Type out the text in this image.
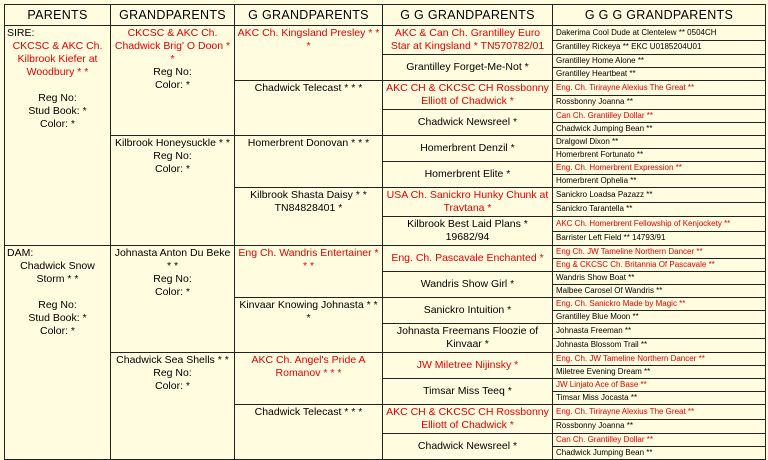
PARENTS	GRANDPARENTS	G GRANDPARENTS	G G GRANDPARENTS	G G G GRANDPARENTS

SIRE:
CKCSC & AKC Ch. Kilbrook Kiefer at Woodbury * *

Reg No:
Stud Book: *
Color: *	CKCSC & AKC Ch. Chadwick Brig' O Doon * *
Reg No:
Color: *	AKC Ch. Kingsland Presley * * *	AKC & Can Ch. Grantilley Euro Star at Kingsland * TN570782/01	Dakerima Cool Dude at Clentelew ** 0504CH
				Grantilley Rickeya ** EKC U0185204U01
			Grantilley Forget-Me-Not *	Grantilley Home Alone **
				Grantilley Heartbeat **
		Chadwick Telecast * * *	AKC CH & CKCSC CH Rossbonny Elliott of Chadwick *	Eng. Ch. Tirirayne Alexius The Great **
				Rossbonny Joanna **
			Chadwick Newsreel *	Can Ch. Grantilley Dollar **
				Chadwick Jumping Bean **

	Kilbrook Honeysuckle * *
Reg No:
Color: *	Homerbrent Donovan * * *	Homerbrent Denzil *	Dralgowl Dixon **
				Homerbrent Fortunato **
			Homerbrent Elite *	Eng. Ch. Homerbrent Expression **
				Homerbrent Ophelia **
		Kilbrook Shasta Daisy * * TN84828401 *	USA Ch. Sanickro Hunky Chunk at Travtana *	Sanickro Loadsa Pazazz **
				Sanickro Tarantella **
			Kilbrook Best Laid Plans * 19682/94	AKC Ch. Homerbrent Fellowship of Kenjockety **
				Barrister Left Field ** 14793/91

DAM:
Chadwick Snow Storm * *

Reg No:
Stud Book: *
Color: *	Johnasta Anton Du Beke * *
Reg No:
Color: *	Eng Ch. Wandris Entertainer * * *	Eng. Ch. Pascavale Enchanted *	Eng Ch. JW Tameline Northern Dancer **
				Eng & CKCSC Ch. Britannia Of Pascavale **
			Wandris Show Girl *	Wandris Show Boat **
				Malbee Carosel Of Wandris **
		Kinvaar Knowing Johnasta * * *	Sanickro Intuition *	Eng. Ch. Sanickro Made by Magic **
				Grantilley Blue Moon **
			Johnasta Freemans Floozie of Kinvaar *	Johnasta Freeman **
				Johnasta Blossom Trail **

	Chadwick Sea Shells * *
Reg No:
Color: *	AKC Ch. Angel's Pride A Romanov * * *	JW Miletree Nijinsky *	Eng. Ch. JW Tameline Northern Dancer **
				Miletree Evening Dream **
			Timsar Miss Teeq *	JW Linjato Ace of Base **
				Timsar Miss Jocasta **
		Chadwick Telecast * * *	AKC CH & CKCSC CH Rossbonny Elliott of Chadwick *	Eng. Ch. Tirirayne Alexius The Great **
				Rossbonny Joanna **
			Chadwick Newsreel *	Can Ch. Grantilley Dollar **
				Chadwick Jumping Bean **
